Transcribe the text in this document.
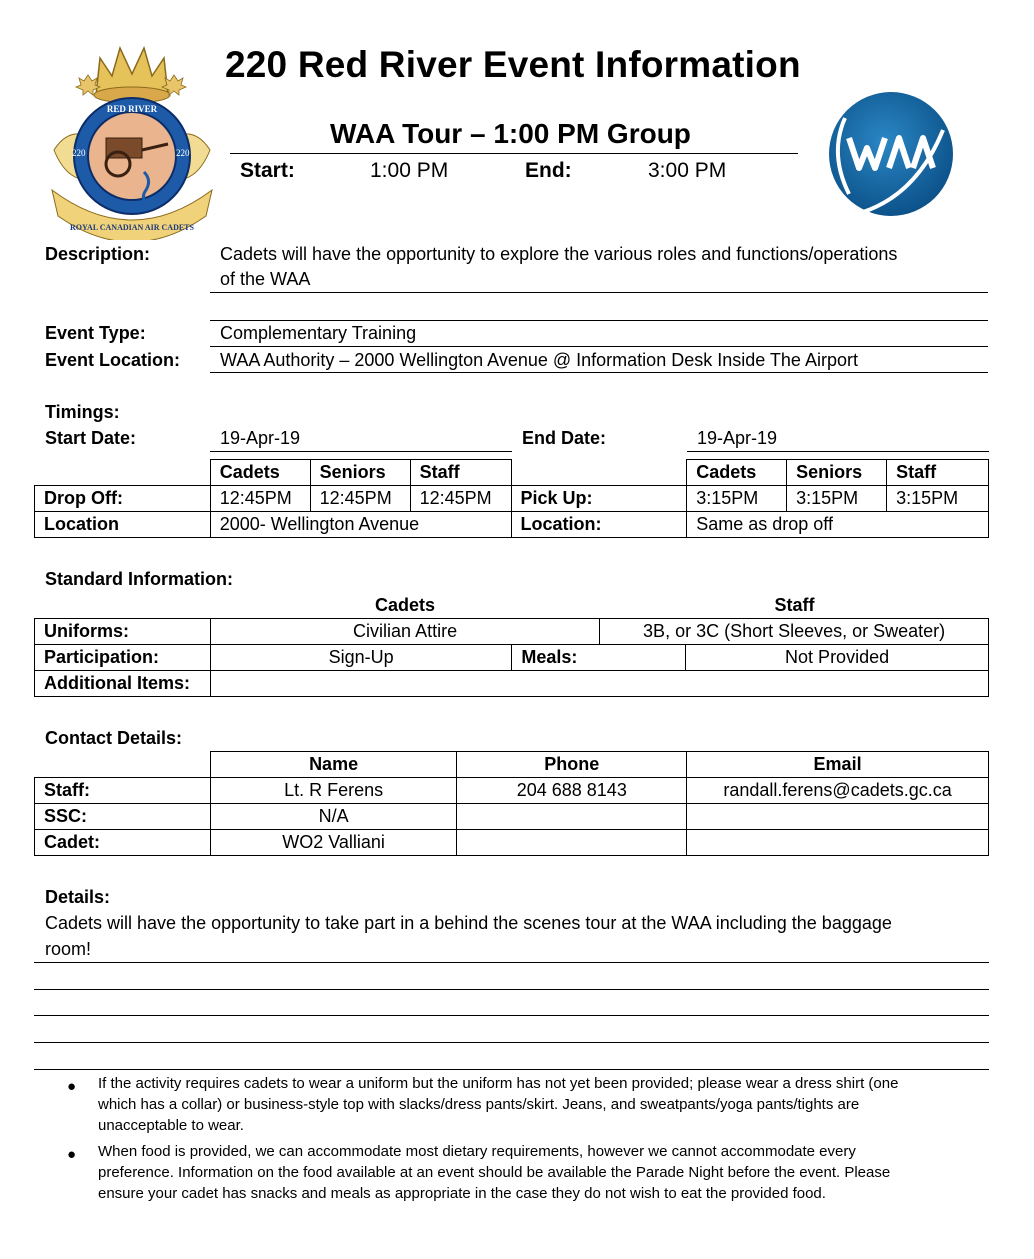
RED RIVER
220	220
ROYAL CANADIAN AIR CADETS
220 Red River Event Information
WAA Tour – 1:00 PM Group
Start:	1:00 PM	End:	3:00 PM
Description:	Cadets will have the opportunity to explore the various roles and functions/operations
of the WAA
Event Type:	Complementary Training
Event Location: WAA Authority – 2000 Wellington Avenue @ Information Desk Inside The Airport
Timings:
Start Date:	19-Apr-19	End Date:	19-Apr-19
	Cadets	Seniors	Staff		Cadets	Seniors	Staff
Drop Off:	12:45PM	12:45PM	12:45PM	Pick Up:	3:15PM	3:15PM	3:15PM
Location	2000- Wellington Avenue			Location:	Same as drop off		
Standard Information:
Cadets	Staff
Uniforms:	Civilian Attire		3B, or 3C (Short Sleeves, or Sweater)	
Participation:	Sign-Up	Meals:		Not Provided
Additional Items:				
Contact Details:
	Name	Phone	Email
Staff:	Lt. R Ferens	204 688 8143	randall.ferens@cadets.gc.ca
SSC:	N/A		
Cadet:	WO2 Valliani		
Details:
Cadets will have the opportunity to take part in a behind the scenes tour at the WAA including the baggage
room!
● If the activity requires cadets to wear a uniform but the uniform has not yet been provided; please wear a dress shirt (one
which has a collar) or business-style top with slacks/dress pants/skirt. Jeans, and sweatpants/yoga pants/tights are
unacceptable to wear.
● When food is provided, we can accommodate most dietary requirements, however we cannot accommodate every
preference. Information on the food available at an event should be available the Parade Night before the event. Please
ensure your cadet has snacks and meals as appropriate in the case they do not wish to eat the provided food.
